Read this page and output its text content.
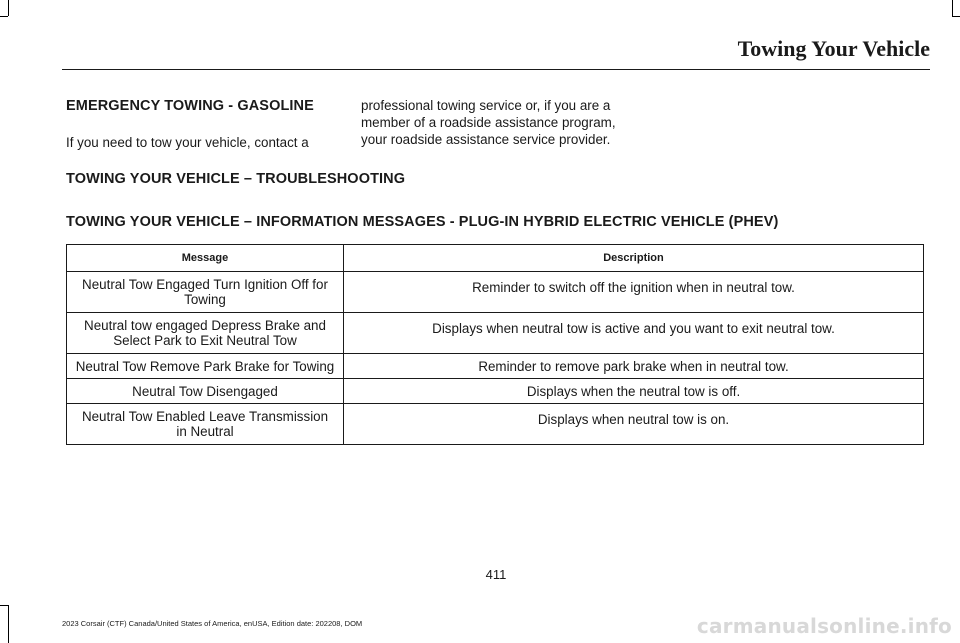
Towing Your Vehicle
EMERGENCY TOWING - GASOLINE

If you need to tow your vehicle, contact a

professional towing service or, if you are a
member of a roadside assistance program,
your roadside assistance service provider.
TOWING YOUR VEHICLE – TROUBLESHOOTING
TOWING YOUR VEHICLE – INFORMATION MESSAGES - PLUG-IN HYBRID ELECTRIC VEHICLE (PHEV)
Message	Description

Neutral Tow Engaged Turn Ignition Off for
Towing	Reminder to switch off the ignition when in neutral tow.

Neutral tow engaged Depress Brake and
Select Park to Exit Neutral Tow	Displays when neutral tow is active and you want to exit neutral tow.

Neutral Tow Remove Park Brake for Towing	Reminder to remove park brake when in neutral tow.

Neutral Tow Disengaged	Displays when the neutral tow is off.

Neutral Tow Enabled Leave Transmission
in Neutral	Displays when neutral tow is on.
411
2023 Corsair (CTF) Canada/United States of America, enUSA, Edition date: 202208, DOM	carmanualsonline.info
